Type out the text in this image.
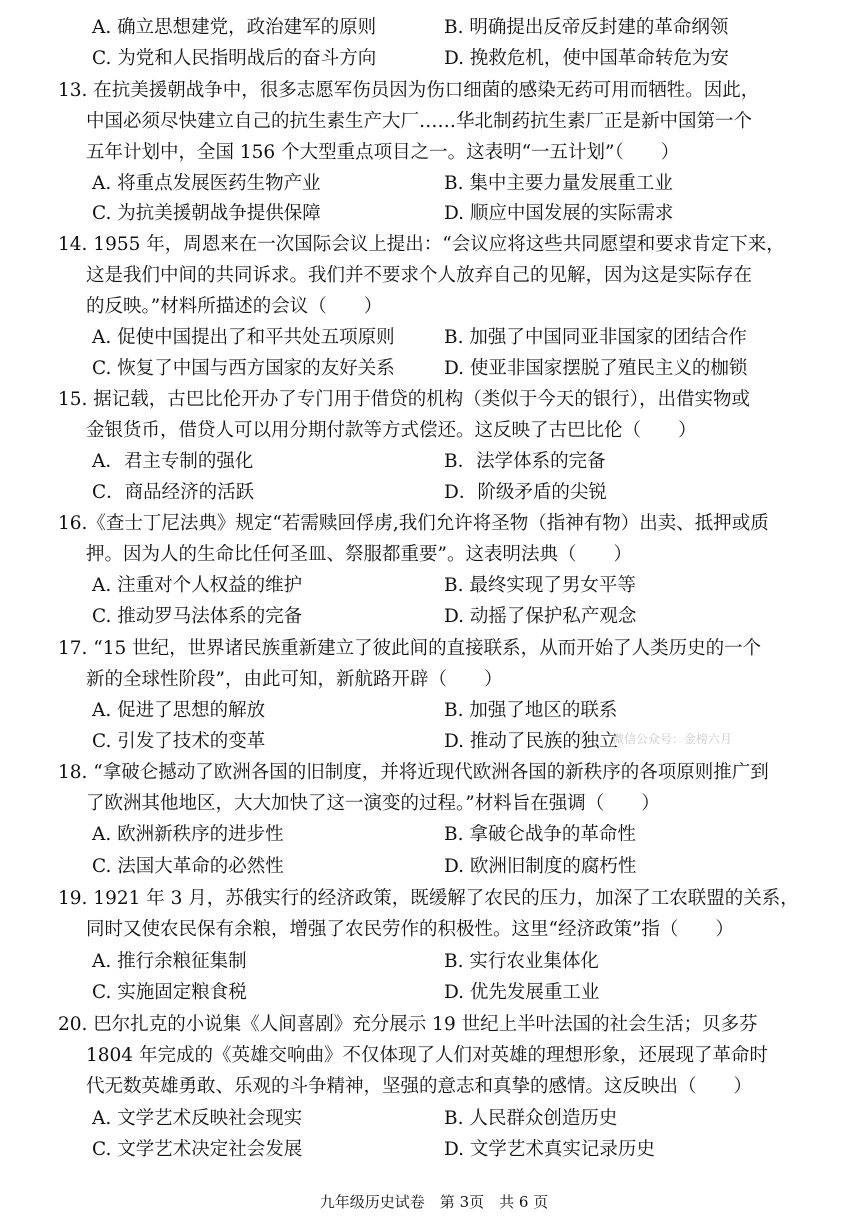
A. 确立思想建党，政治建军的原则	B. 明确提出反帝反封建的革命纲领
C. 为党和人民指明战后的奋斗方向	D. 挽救危机，使中国革命转危为安
13. 在抗美援朝战争中，很多志愿军伤员因为伤口细菌的感染无药可用而牺牲。因此，
中国必须尽快建立自己的抗生素生产大厂……华北制药抗生素厂正是新中国第一个
五年计划中，全国 156 个大型重点项目之一。这表明“一五计划”（　　）
A. 将重点发展医药生物产业	B. 集中主要力量发展重工业
C. 为抗美援朝战争提供保障	D. 顺应中国发展的实际需求
14. 1955 年，周恩来在一次国际会议上提出：“会议应将这些共同愿望和要求肯定下来，
这是我们中间的共同诉求。我们并不要求个人放弃自己的见解，因为这是实际存在
的反映。”材料所描述的会议（　　）
A. 促使中国提出了和平共处五项原则	B. 加强了中国同亚非国家的团结合作
C. 恢复了中国与西方国家的友好关系	D. 使亚非国家摆脱了殖民主义的枷锁
15. 据记载，古巴比伦开办了专门用于借贷的机构（类似于今天的银行），出借实物或
金银货币，借贷人可以用分期付款等方式偿还。这反映了古巴比伦（　　）
A．君主专制的强化	B．法学体系的完备
C．商品经济的活跃	D．阶级矛盾的尖锐
16.《查士丁尼法典》规定“若需赎回俘虏,我们允许将圣物（指神有物）出卖、抵押或质
押。因为人的生命比任何圣皿、祭服都重要”。这表明法典（　　）
A. 注重对个人权益的维护	B. 最终实现了男女平等
C. 推动罗马法体系的完备	D. 动摇了保护私产观念
17. “15 世纪，世界诸民族重新建立了彼此间的直接联系，从而开始了人类历史的一个
新的全球性阶段”，由此可知，新航路开辟（　　）
A. 促进了思想的解放	B. 加强了地区的联系
C. 引发了技术的变革	D. 推动了民族的独立
微信公众号：金榜六月
18. “拿破仑撼动了欧洲各国的旧制度，并将近现代欧洲各国的新秩序的各项原则推广到
了欧洲其他地区，大大加快了这一演变的过程。”材料旨在强调（　　）
A. 欧洲新秩序的进步性	B. 拿破仑战争的革命性
C. 法国大革命的必然性	D. 欧洲旧制度的腐朽性
19. 1921 年 3 月，苏俄实行的经济政策，既缓解了农民的压力，加深了工农联盟的关系，
同时又使农民保有余粮，增强了农民劳作的积极性。这里“经济政策”指（　　）
A. 推行余粮征集制	B. 实行农业集体化
C. 实施固定粮食税	D. 优先发展重工业
20. 巴尔扎克的小说集《人间喜剧》充分展示 19 世纪上半叶法国的社会生活；贝多芬
1804 年完成的《英雄交响曲》不仅体现了人们对英雄的理想形象，还展现了革命时
代无数英雄勇敢、乐观的斗争精神，坚强的意志和真挚的感情。这反映出（　　）
A. 文学艺术反映社会现实	B. 人民群众创造历史
C. 文学艺术决定社会发展	D. 文学艺术真实记录历史
九年级历史试卷　第 3页　共 6 页
